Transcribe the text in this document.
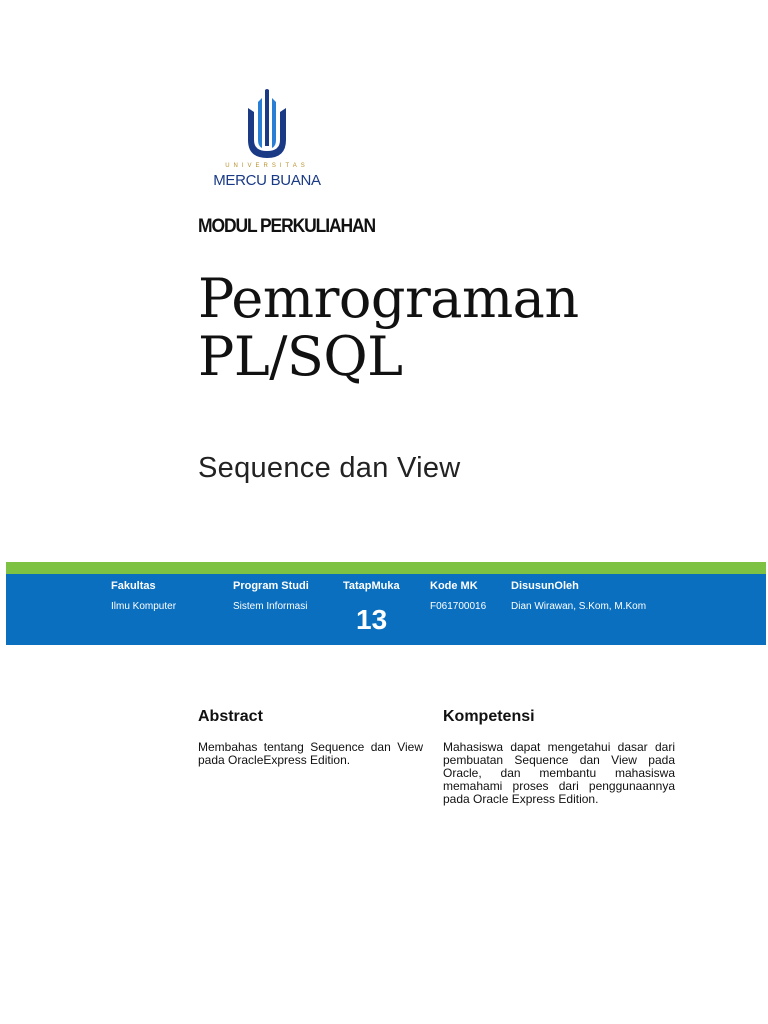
UNIVERSITAS
MERCU BUANA
MODUL PERKULIAHAN
Pemrograman
PL/SQL
Sequence dan View
Fakultas
Ilmu Komputer
Program Studi
Sistem Informasi
TatapMuka
13
Kode MK
F061700016
DisusunOleh
Dian Wirawan, S.Kom, M.Kom
Abstract
Membahas tentang Sequence dan View pada OracleExpress Edition.
Kompetensi
Mahasiswa dapat mengetahui dasar dari pembuatan Sequence dan View pada Oracle, dan membantu mahasiswa memahami proses dari penggunaannya pada Oracle Express Edition.
